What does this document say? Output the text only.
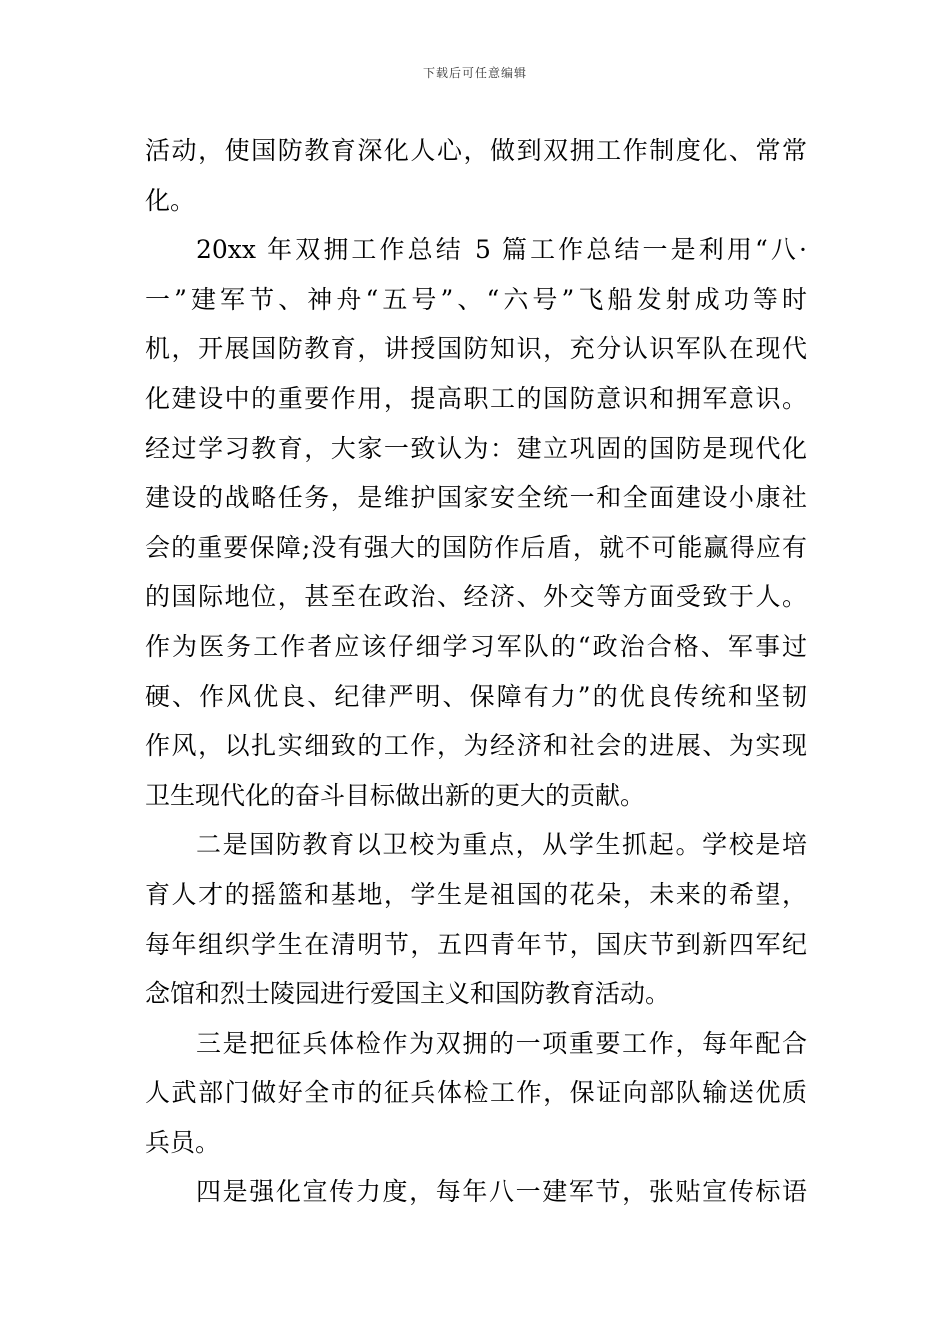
下载后可任意编辑
活动，使国防教育深化人心，做到双拥工作制度化、常常
化。
20xx 年双拥工作总结 5 篇工作总结一是利用“八·
一”建军节、神舟“五号”、“六号”飞船发射成功等时
机，开展国防教育，讲授国防知识，充分认识军队在现代
化建设中的重要作用，提高职工的国防意识和拥军意识。
经过学习教育，大家一致认为：建立巩固的国防是现代化
建设的战略任务，是维护国家安全统一和全面建设小康社
会的重要保障;没有强大的国防作后盾，就不可能赢得应有
的国际地位，甚至在政治、经济、外交等方面受致于人。
作为医务工作者应该仔细学习军队的“政治合格、军事过
硬、作风优良、纪律严明、保障有力”的优良传统和坚韧
作风，以扎实细致的工作，为经济和社会的进展、为实现
卫生现代化的奋斗目标做出新的更大的贡献。
二是国防教育以卫校为重点，从学生抓起。学校是培
育人才的摇篮和基地，学生是祖国的花朵，未来的希望，
每年组织学生在清明节，五四青年节，国庆节到新四军纪
念馆和烈士陵园进行爱国主义和国防教育活动。
三是把征兵体检作为双拥的一项重要工作，每年配合
人武部门做好全市的征兵体检工作，保证向部队输送优质
兵员。
四是强化宣传力度，每年八一建军节，张贴宣传标语
